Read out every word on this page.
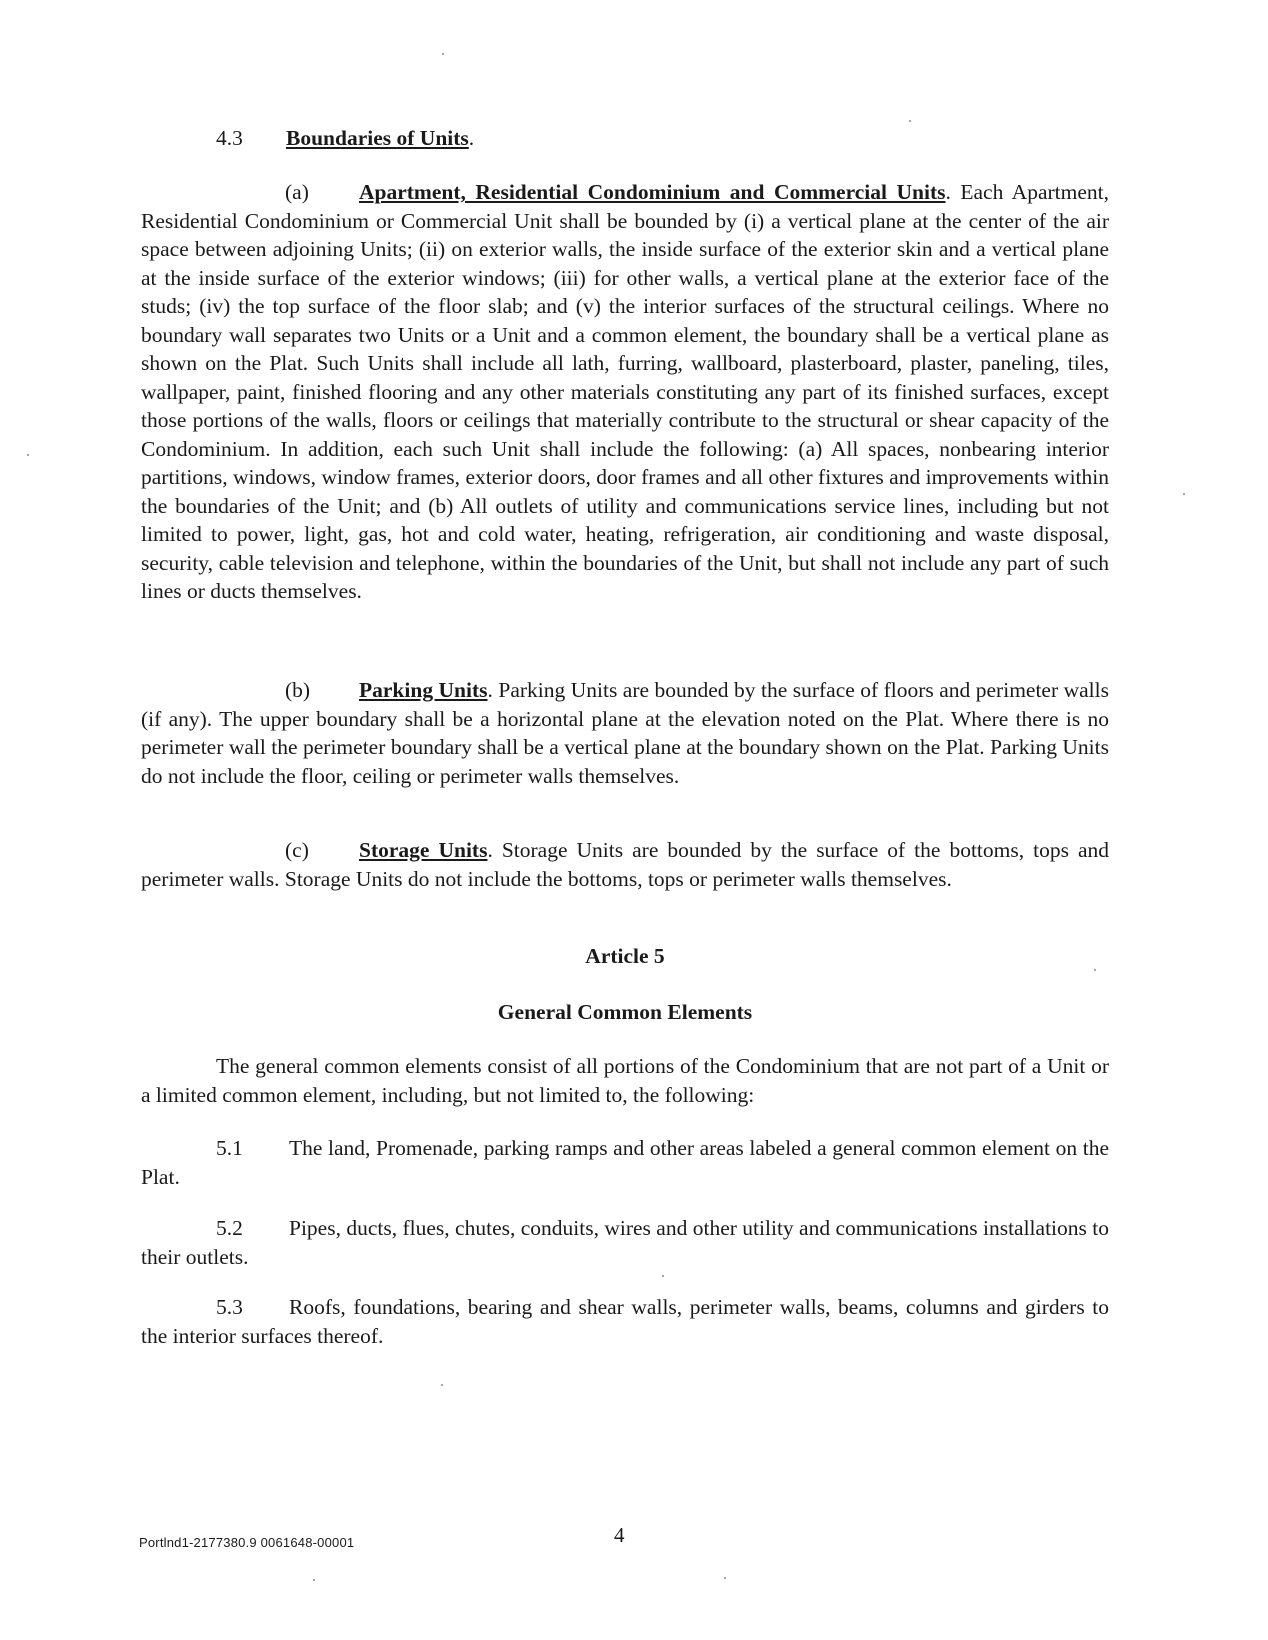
4.3 Boundaries of Units.
(a) Apartment, Residential Condominium and Commercial Units. Each Apartment, Residential Condominium or Commercial Unit shall be bounded by (i) a vertical plane at the center of the air space between adjoining Units; (ii) on exterior walls, the inside surface of the exterior skin and a vertical plane at the inside surface of the exterior windows; (iii) for other walls, a vertical plane at the exterior face of the studs; (iv) the top surface of the floor slab; and (v) the interior surfaces of the structural ceilings. Where no boundary wall separates two Units or a Unit and a common element, the boundary shall be a vertical plane as shown on the Plat. Such Units shall include all lath, furring, wallboard, plasterboard, plaster, paneling, tiles, wallpaper, paint, finished flooring and any other materials constituting any part of its finished surfaces, except those portions of the walls, floors or ceilings that materially contribute to the structural or shear capacity of the Condominium. In addition, each such Unit shall include the following: (a) All spaces, nonbearing interior partitions, windows, window frames, exterior doors, door frames and all other fixtures and improvements within the boundaries of the Unit; and (b) All outlets of utility and communications service lines, including but not limited to power, light, gas, hot and cold water, heating, refrigeration, air conditioning and waste disposal, security, cable television and telephone, within the boundaries of the Unit, but shall not include any part of such lines or ducts themselves.
(b) Parking Units. Parking Units are bounded by the surface of floors and perimeter walls (if any). The upper boundary shall be a horizontal plane at the elevation noted on the Plat. Where there is no perimeter wall the perimeter boundary shall be a vertical plane at the boundary shown on the Plat. Parking Units do not include the floor, ceiling or perimeter walls themselves.
(c) Storage Units. Storage Units are bounded by the surface of the bottoms, tops and perimeter walls. Storage Units do not include the bottoms, tops or perimeter walls themselves.
Article 5
General Common Elements
The general common elements consist of all portions of the Condominium that are not part of a Unit or a limited common element, including, but not limited to, the following:
5.1 The land, Promenade, parking ramps and other areas labeled a general common element on the Plat.
5.2 Pipes, ducts, flues, chutes, conduits, wires and other utility and communications installations to their outlets.
5.3 Roofs, foundations, bearing and shear walls, perimeter walls, beams, columns and girders to the interior surfaces thereof.
Portlnd1-2177380.9 0061648-00001	4
